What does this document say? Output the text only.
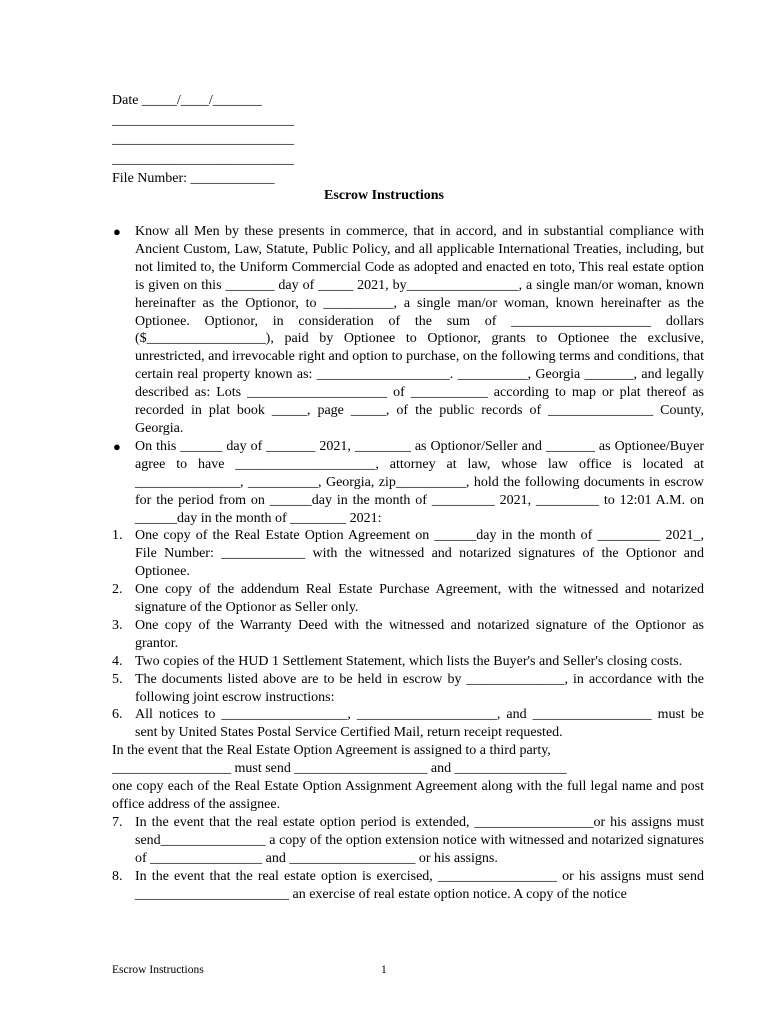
Date _____/____/_______
__________________________
__________________________
__________________________
File Number: ____________
Escrow Instructions
● Know all Men by these presents in commerce, that in accord, and in substantial compliance with Ancient Custom, Law, Statute, Public Policy, and all applicable International Treaties, including, but not limited to, the Uniform Commercial Code as adopted and enacted en toto, This real estate option is given on this _______ day of _____ 2021, by________________, a single man/or woman, known hereinafter as the Optionor, to __________, a single man/or woman, known hereinafter as the Optionee. Optionor, in consideration of the sum of ____________________ dollars ($_________________), paid by Optionee to Optionor, grants to Optionee the exclusive, unrestricted, and irrevocable right and option to purchase, on the following terms and conditions, that certain real property known as: ___________________. __________, Georgia _______, and legally described as: Lots ____________________ of ___________ according to map or plat thereof as recorded in plat book _____, page _____, of the public records of _______________ County, Georgia.

● On this ______ day of _______ 2021, ________ as Optionor/Seller and _______ as Optionee/Buyer agree to have ____________________, attorney at law, whose law office is located at _______________, __________, Georgia, zip__________, hold the following documents in escrow for the period from on ______day in the month of _________ 2021, _________ to 12:01 A.M. on ______day in the month of ________ 2021:

1. One copy of the Real Estate Option Agreement on ______day in the month of _________ 2021_, File Number: ____________ with the witnessed and notarized signatures of the Optionor and Optionee.

2. One copy of the addendum Real Estate Purchase Agreement, with the witnessed and notarized signature of the Optionor as Seller only.

3. One copy of the Warranty Deed with the witnessed and notarized signature of the Optionor as grantor.

4. Two copies of the HUD 1 Settlement Statement, which lists the Buyer's and Seller's closing costs.

5. The documents listed above are to be held in escrow by ______________, in accordance with the following joint escrow instructions:

6. All notices to __________________, ____________________, and _________________ must be sent by United States Postal Service Certified Mail, return receipt requested.

In the event that the Real Estate Option Agreement is assigned to a third party,

_________________ must send ___________________ and ________________

one copy each of the Real Estate Option Assignment Agreement along with the full legal name and post office address of the assignee.

7. In the event that the real estate option period is extended, _________________or his assigns must send_______________ a copy of the option extension notice with witnessed and notarized signatures of ________________ and __________________ or his assigns.

8. In the event that the real estate option is exercised, _________________ or his assigns must send ______________________ an exercise of real estate option notice. A copy of the notice

Escrow Instructions	1
